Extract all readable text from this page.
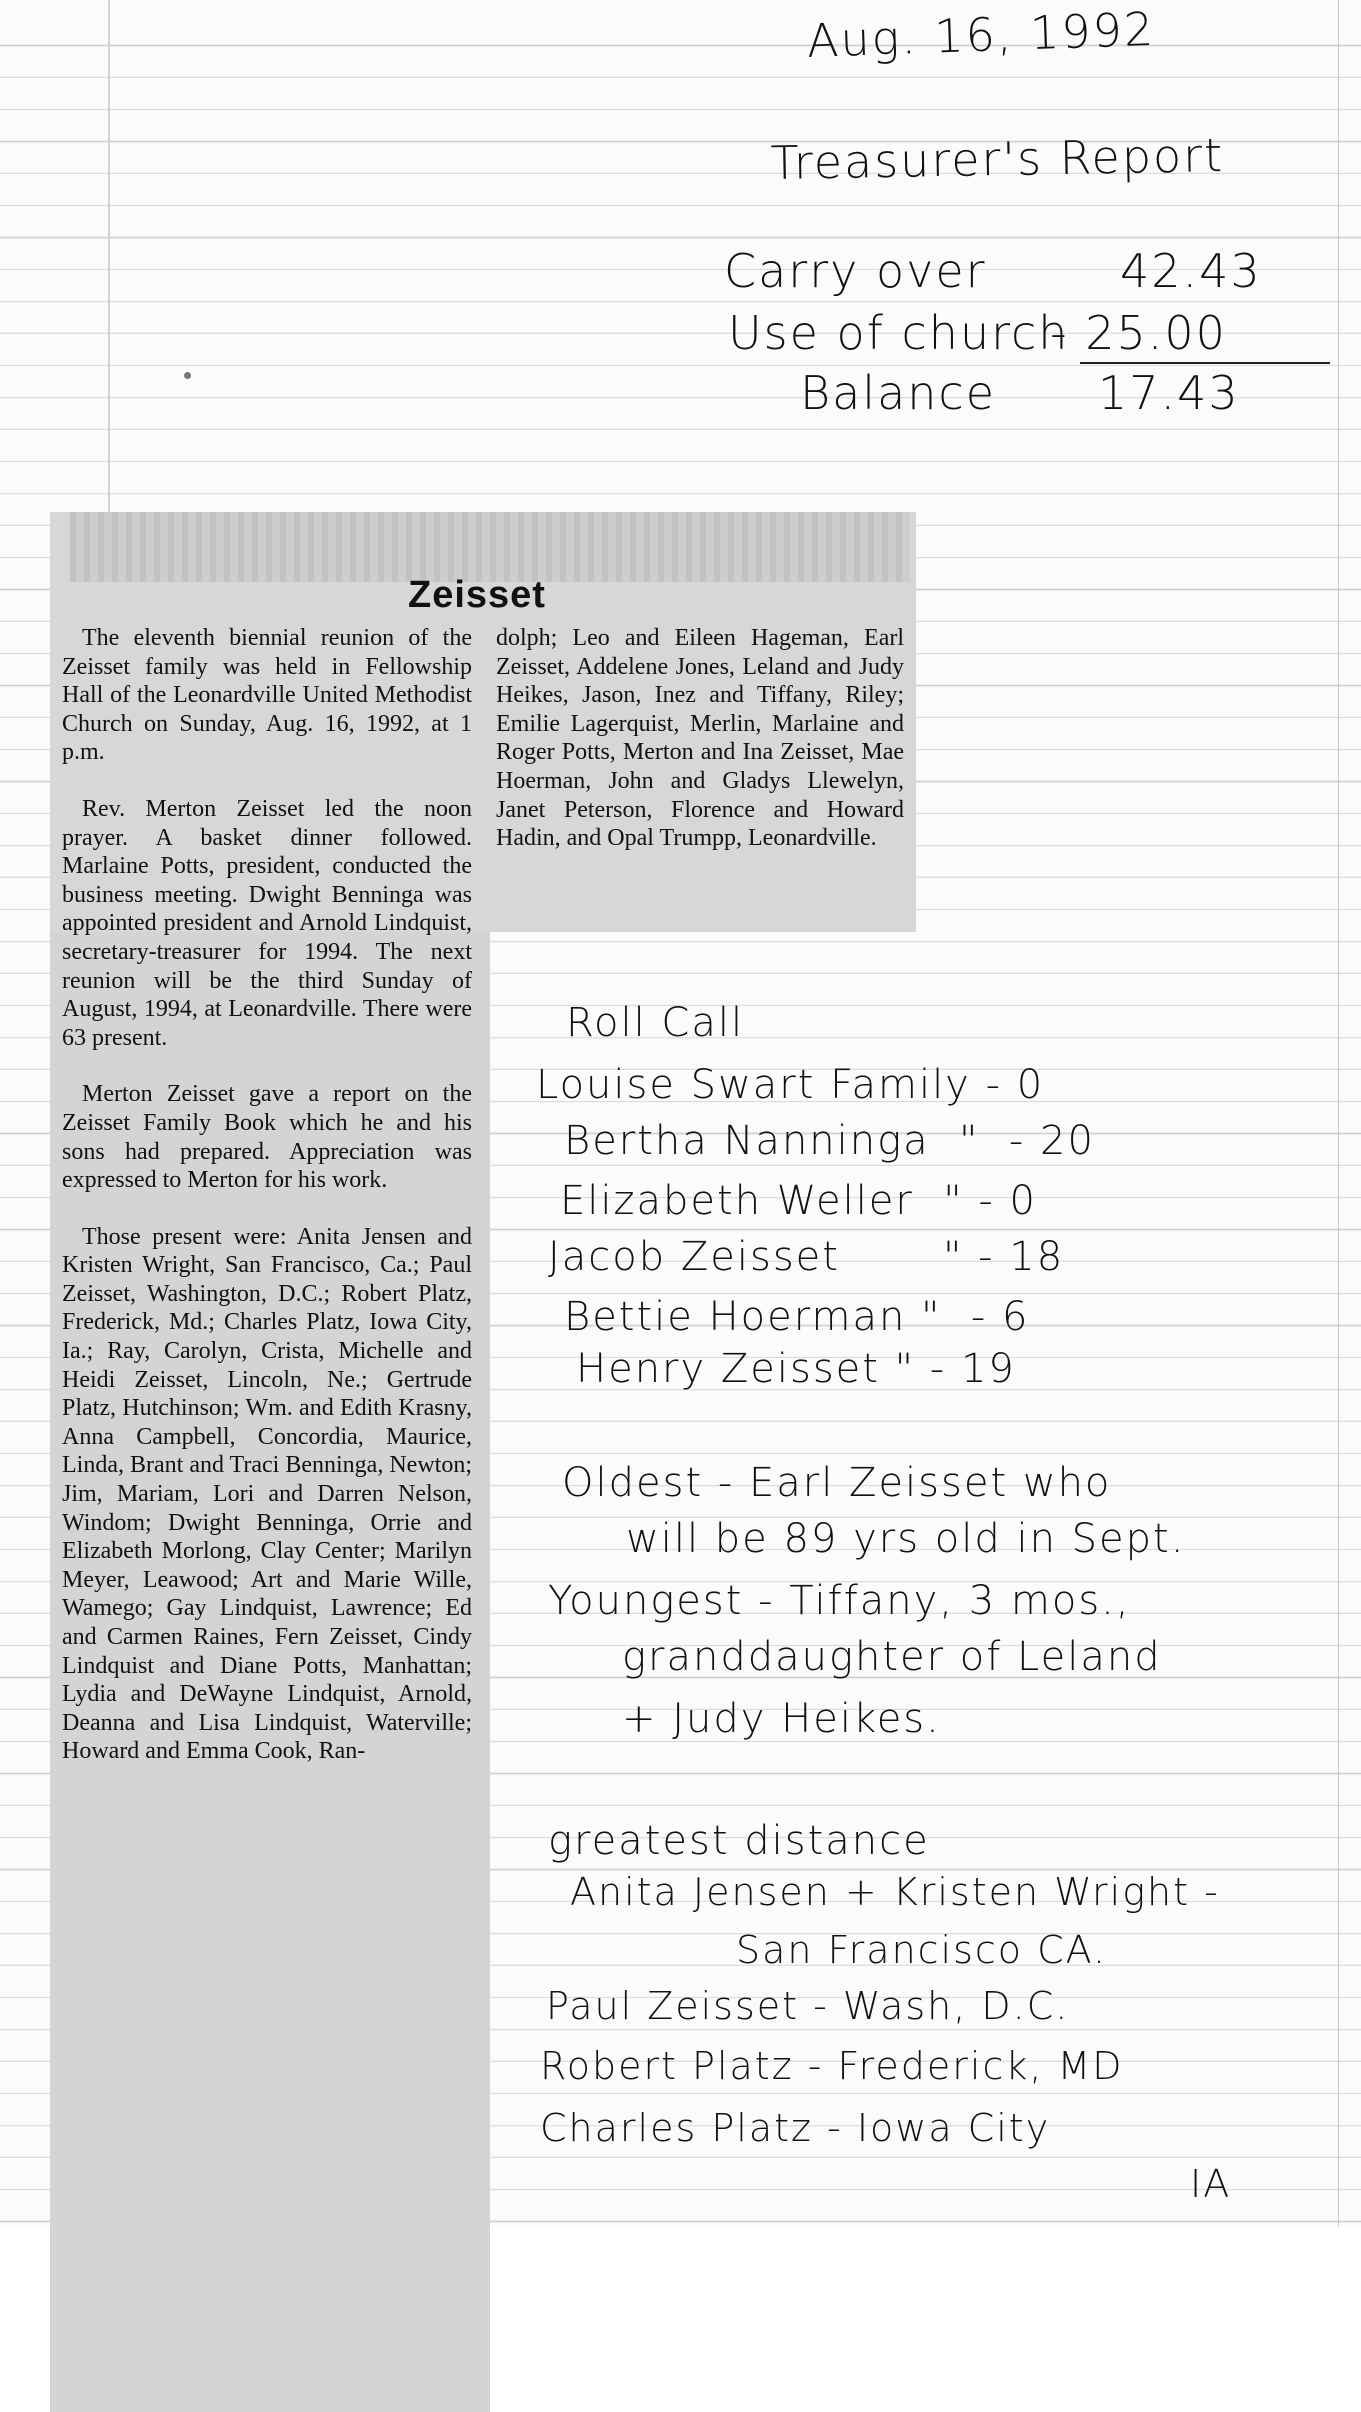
Aug. 16, 1992
Treasurer's Report
Carry over	42.43
Use of church
- 25.00
Balance 17.43
Zeisset

The eleventh biennial reunion of the Zeisset family was held in Fellowship Hall of the Leonardville United Methodist Church on Sunday, Aug. 16, 1992, at 1 p.m.

Rev. Merton Zeisset led the noon prayer. A basket dinner followed. Marlaine Potts, president, conducted the business meeting. Dwight Benninga was appointed president and Arnold Lindquist, secretary-treasurer for 1994. The next reunion will be the third Sunday of August, 1994, at Leonardville. There were 63 present.

Merton Zeisset gave a report on the Zeisset Family Book which he and his sons had prepared. Appreciation was expressed to Merton for his work.

Those present were: Anita Jensen and Kristen Wright, San Francisco, Ca.; Paul Zeisset, Washington, D.C.; Robert Platz, Frederick, Md.; Charles Platz, Iowa City, Ia.; Ray, Carolyn, Crista, Michelle and Heidi Zeisset, Lincoln, Ne.; Gertrude Platz, Hutchinson; Wm. and Edith Krasny, Anna Campbell, Concordia, Maurice, Linda, Brant and Traci Benninga, Newton; Jim, Mariam, Lori and Darren Nelson, Windom; Dwight Benninga, Orrie and Elizabeth Morlong, Clay Center; Marilyn Meyer, Leawood; Art and Marie Wille, Wamego; Gay Lindquist, Lawrence; Ed and Carmen Raines, Fern Zeisset, Cindy Lindquist and Diane Potts, Manhattan; Lydia and DeWayne Lindquist, Arnold, Deanna and Lisa Lindquist, Waterville; Howard and Emma Cook, Ran-

dolph; Leo and Eileen Hageman, Earl Zeisset, Addelene Jones, Leland and Judy Heikes, Jason, Inez and Tiffany, Riley; Emilie Lagerquist, Merlin, Marlaine and Roger Potts, Merton and Ina Zeisset, Mae Hoerman, John and Gladys Llewelyn, Janet Peterson, Florence and Howard Hadin, and Opal Trumpp, Leonardville.

Roll Call
Louise Swart Family - 0
Bertha Nanninga  "  - 20
Elizabeth Weller  " - 0
Jacob Zeisset       " - 18
Bettie Hoerman "  - 6
Henry Zeisset " - 19
Oldest - Earl Zeisset who
will be 89 yrs old in Sept.
Youngest - Tiffany, 3 mos.,
granddaughter of Leland
+ Judy Heikes.
greatest distance
Anita Jensen + Kristen Wright -
San Francisco CA.
Paul Zeisset - Wash, D.C.
Robert Platz - Frederick, MD
Charles Platz - Iowa City
IA
